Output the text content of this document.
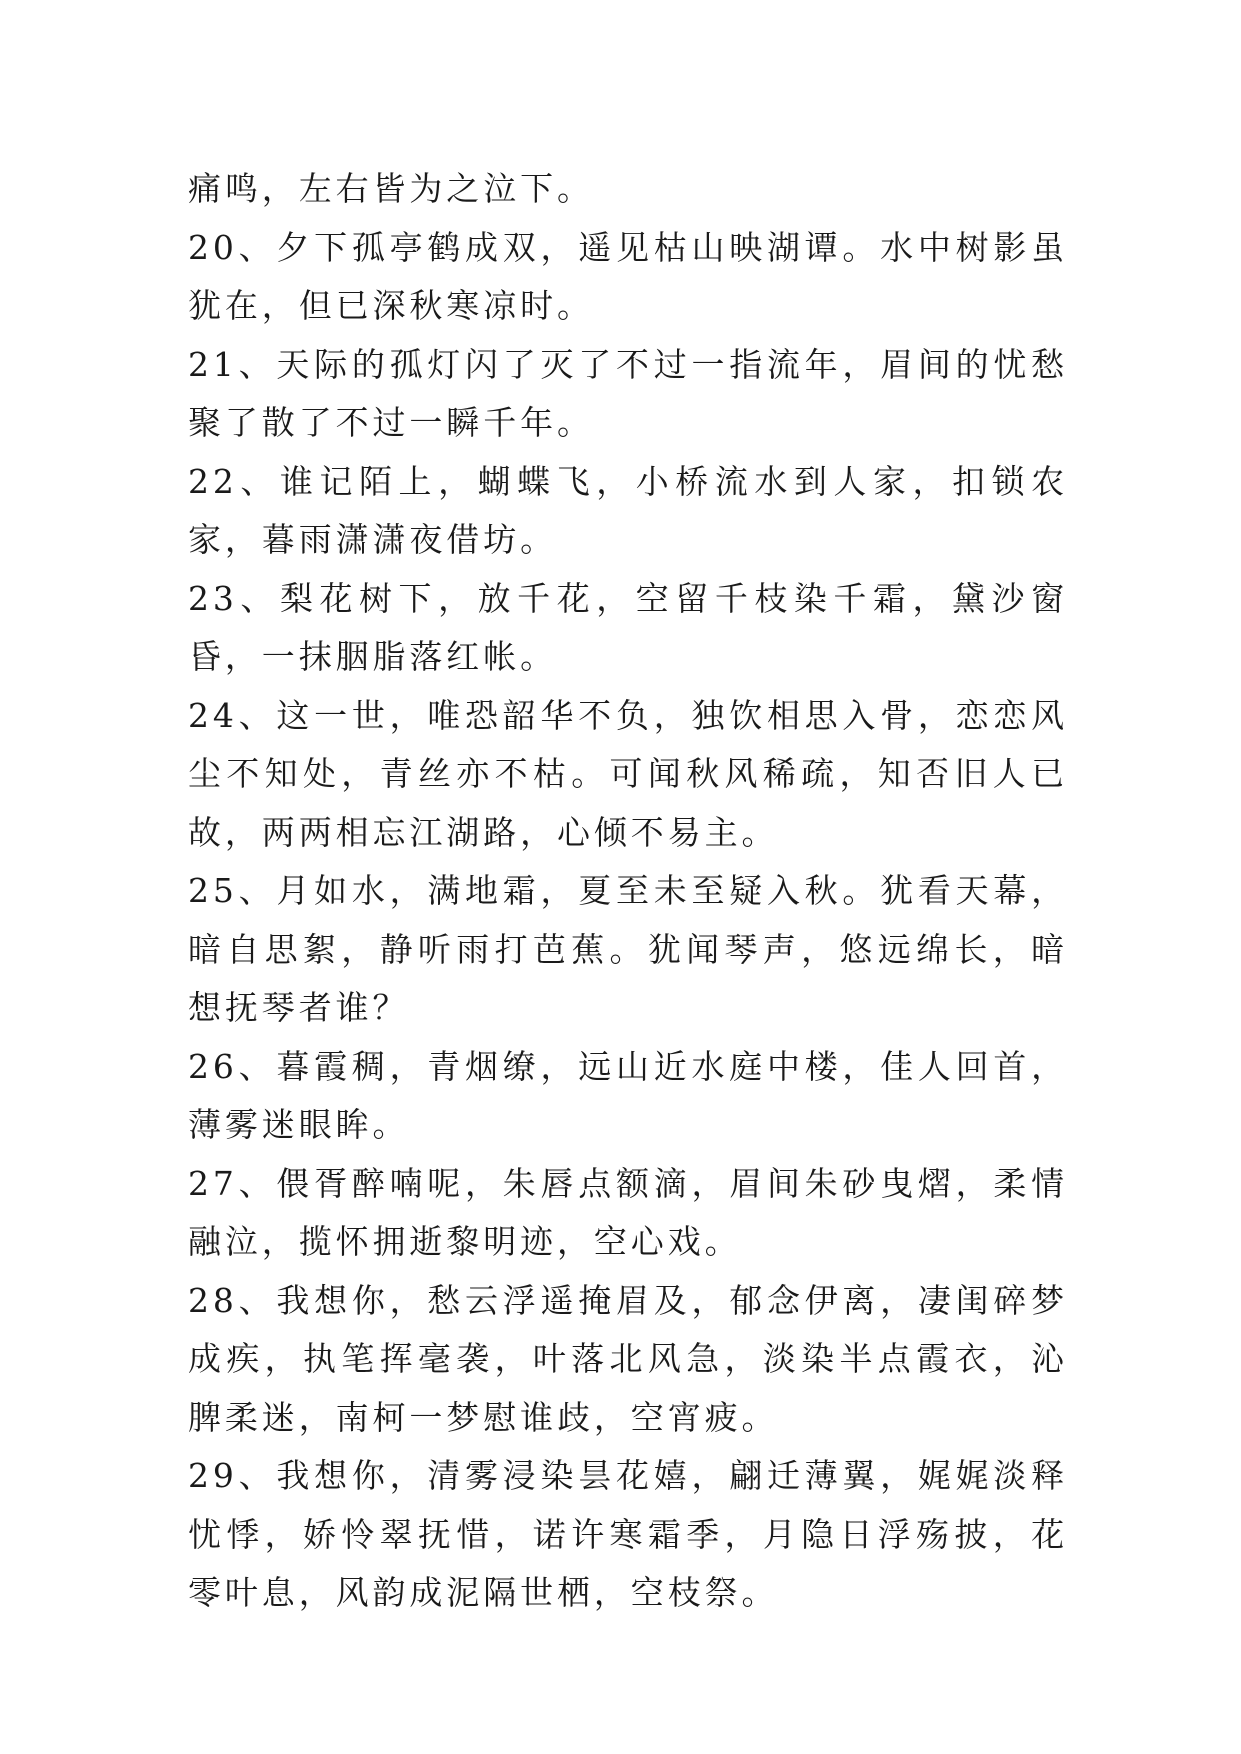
痛鸣，左右皆为之泣下。

20、夕下孤亭鹤成双，遥见枯山映湖谭。水中树影虽犹在，但已深秋寒凉时。

21、天际的孤灯闪了灭了不过一指流年，眉间的忧愁聚了散了不过一瞬千年。

22、谁记陌上，蝴蝶飞，小桥流水到人家，扣锁农家，暮雨潇潇夜借坊。

23、梨花树下，放千花，空留千枝染千霜，黛沙窗昏，一抹胭脂落红帐。

24、这一世，唯恐韶华不负，独饮相思入骨，恋恋风尘不知处，青丝亦不枯。可闻秋风稀疏，知否旧人已故，两两相忘江湖路，心倾不易主。

25、月如水，满地霜，夏至未至疑入秋。犹看天幕，暗自思絮，静听雨打芭蕉。犹闻琴声，悠远绵长，暗想抚琴者谁？

26、暮霞稠，青烟缭，远山近水庭中楼，佳人回首，薄雾迷眼眸。

27、偎胥醉喃呢，朱唇点额滴，眉间朱砂曳熠，柔情融泣，揽怀拥逝黎明迹，空心戏。

28、我想你，愁云浮遥掩眉及，郁念伊离，凄闺碎梦成疾，执笔挥毫袭，叶落北风急，淡染半点霞衣，沁脾柔迷，南柯一梦慰谁歧，空宵疲。

29、我想你，清雾浸染昙花嬉，翩迁薄翼，娓娓淡释忧悸，娇怜翠抚惜，诺许寒霜季，月隐日浮殇披，花零叶息，风韵成泥隔世栖，空枝祭。
